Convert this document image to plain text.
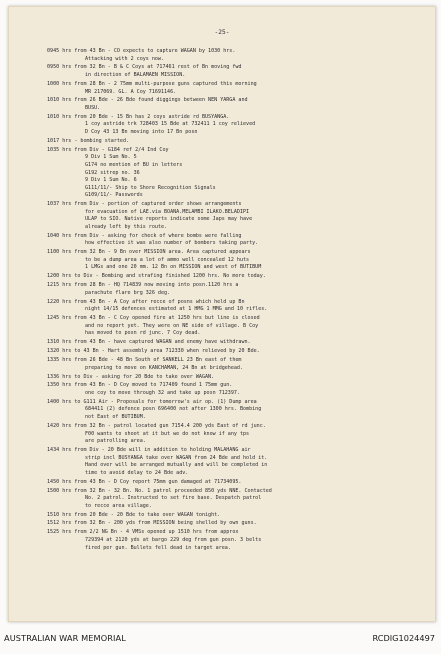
-25-
0945 hrs from 43 Bn - CO expects to capture WAGAN by 1030 hrs.
Attacking with 2 coys now.
0950 hrs from 32 Bn - B & C Coys at 717461 rest of Bn moving fwd
in direction of BALAMAEN MISSION.
1000 hrs from 28 Bn - 2 75mm multi-purpose guns captured this morning
MR 217069. GL. A Coy 71691146.
1010 hrs from 26 Bde - 26 Bde found diggings between NEN YARGA and
BUSU.
1010 hrs from 20 Bde - 15 Bn has 2 coys astride rd BUSYANGA.
1 coy astride trk 728403 15 Bde at 732411 1 coy relieved
D Coy 43 13 Bn moving into 17 Bn posn
1017 hrs - bombing started.
1035 hrs from Div - G184 ref 2/4 Ind Coy
9 Div 1 Sum No. 5
G174 no mention of BU in letters
G192 sitrep no. 36
9 Div 1 Sum No. 6
G111/11/- Ship to Shore Recognition Signals
G109/11/- Passwords
1037 hrs from Div - portion of captured order shows arrangements
for evacuation of LAE.via BOANA.MELAMBI ILAKO.BELADIPI
ULAP to SIO. Native reports indicate some Japs may have
already left by this route.
1040 hrs from Div - asking for check of where bombs were falling
how effective it was also number of bombers taking party.
1100 hrs from 32 Bn - 9 Bn over MISSION area. Area captured appears
to be a dump area a lot of ammo well concealed 12 huts
1 LMGs and one 20 mm. 12 Bn on MISSION and west of BUTIBUM
1200 hrs to Div - Bombing and strafing finished 1200 hrs. No more today.
1215 hrs from 28 Bn - HQ 714839 now moving into posn.1120 hrs a
parachute flare brg 326 deg.
1220 hrs from 43 Bn - A Coy after recce of posns which held up Bn
night 14/15 defences estimated at 1 HMG 1 MMG and 10 rifles.
1245 hrs from 43 Bn - C Coy opened fire at 1250 hrs but line is closed
and no report yet. They were on NE side of village. B Coy
has moved to posn rd junc. 7 Coy dead.
1310 hrs from 43 Bn - have captured WAGAN and enemy have withdrawn.
1320 hrs to 43 Bn - Hart assembly area 712330 when relieved by 20 Bde.
1335 hrs from 26 Bde - 48 Bn South of SANKELL 23 Bn east of them
preparing to move on KANCHAMAN, 24 Bn at bridgehead.
1336 hrs to Div - asking for 20 Bde to take over WAGAN.
1350 hrs from 43 Bn - D Coy moved to 717409 found 1 75mm gun.
one coy to move through 32 and take up posn 712397.
1400 hrs to G111 Air - Proposals for tomorrow's air op. (1) Dump area
684411 (2) defence posn 696400 not after 1300 hrs. Bombing
not East of BUTIBUM.
1420 hrs from 32 Bn - patrol located gun 7154.4 200 yds East of rd junc.
F00 wants to shoot at it but we do not know if any tps
are patrolling area.
1434 hrs from Div - 20 Bde will in addition to holding MALAHANG air
strip incl BUSYANGA take over WAGAN from 24 Bde and hold it.
Hand over will be arranged mutually and will be completed in
time to avoid delay to 24 Bde adv.
1450 hrs from 43 Bn - D Coy report 75mm gun damaged at 71734095.
1500 hrs from 32 Bn - 32 Bn. No. 1 patrol proceeded 850 yds NNE. Contacted
No. 2 patrol. Instructed to set fire base. Despatch patrol
to recce area village.
1510 hrs from 20 Bde - 20 Bde to take over WAGAN tonight.
1512 hrs from 32 Bn - 200 yds from MISSION being shelled by own guns.
1525 hrs from 2/2 NG Bn - 4 VMSs opened up 1510 hrs from approx
729394 at 2120 yds at bargo 229 deg from gun posn. 3 belts
fired per gun. Bullets fell dead in target area.
AUSTRALIAN WAR MEMORIAL	RCDIG1024497
